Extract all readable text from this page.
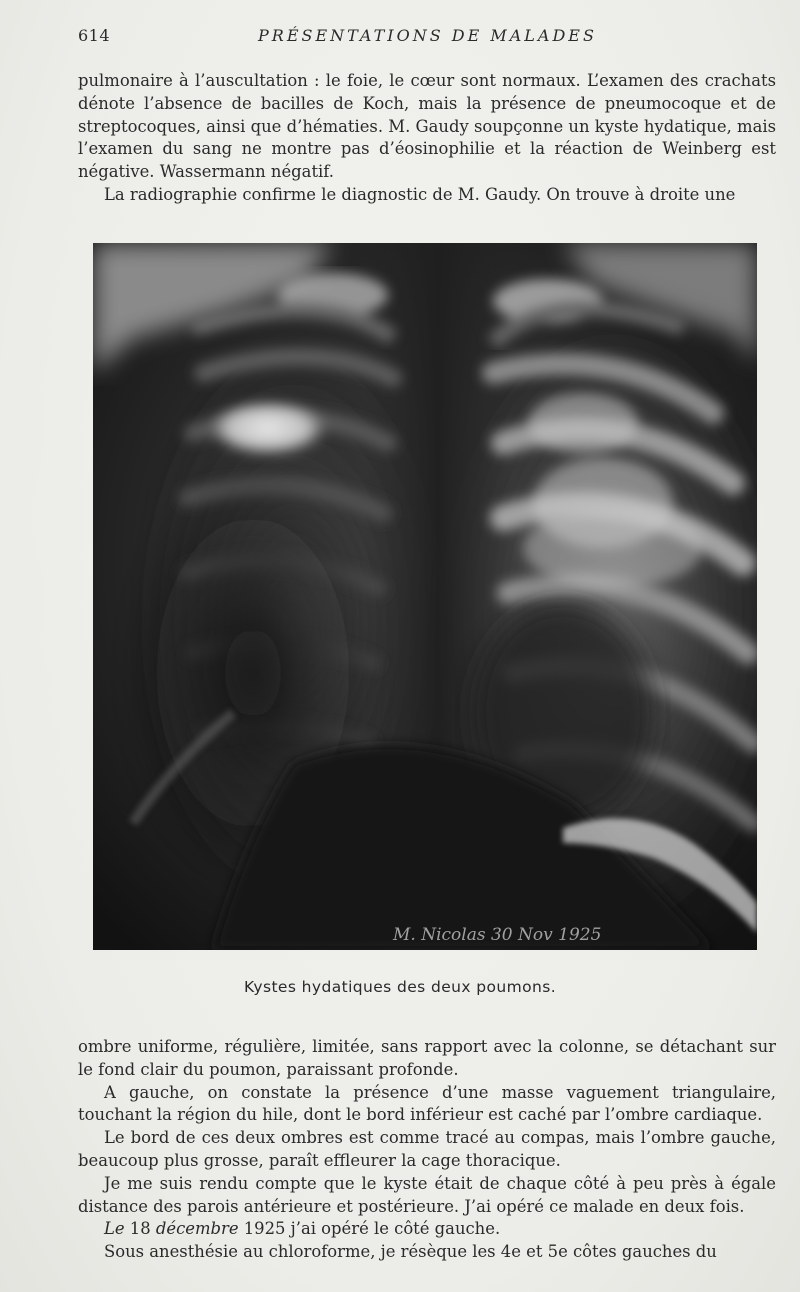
614	PRÉSENTATIONS DE MALADES

pulmonaire à l’auscultation : le foie, le cœur sont normaux. L’examen des crachats dénote l’absence de bacilles de Koch, mais la présence de pneumocoque et de streptocoques, ainsi que d’hématies. M. Gaudy soupçonne un kyste hydatique, mais l’examen du sang ne montre pas d’éosinophilie et la réaction de Weinberg est négative. Wassermann négatif.

La radiographie confirme le diagnostic de M. Gaudy. On trouve à droite une

M. Nicolas 30 Nov 1925
Kystes hydatiques des deux poumons.

ombre uniforme, régulière, limitée, sans rapport avec la colonne, se détachant sur le fond clair du poumon, paraissant profonde.

A gauche, on constate la présence d’une masse vaguement triangulaire, touchant la région du hile, dont le bord inférieur est caché par l’ombre cardiaque.

Le bord de ces deux ombres est comme tracé au compas, mais l’ombre gauche, beaucoup plus grosse, paraît effleurer la cage thoracique.

Je me suis rendu compte que le kyste était de chaque côté à peu près à égale distance des parois antérieure et postérieure. J’ai opéré ce malade en deux fois.

Le 18 décembre 1925 j’ai opéré le côté gauche.

Sous anesthésie au chloroforme, je résèque les 4e et 5e côtes gauches du
